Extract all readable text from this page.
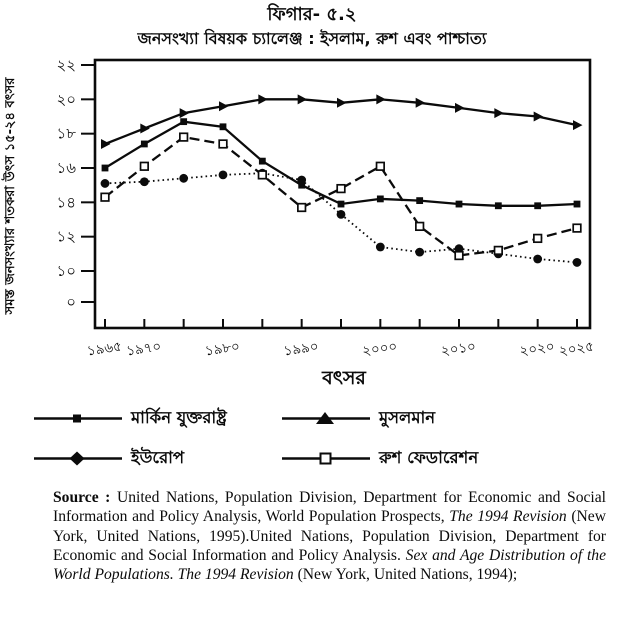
ফিগার- ৫.২
জনসংখ্যা বিষয়ক চ্যালেঞ্জ : ইসলাম, রুশ এবং পাশ্চাত্য
২২
২০
১৮
১৬
১৪
১২
১০
০
১৯৬৫ ১৯৭০	১৯৮০	১৯৯০	২০০০	২০১০	২০২০ ২০২৫
সমস্ত জনসংখ্যার শতকরা উৎস ১৫-২৪ বৎসর
বৎসর
মার্কিন যুক্তরাষ্ট্র	মুসলমান
ইউরোপ	রুশ ফেডারেশন

Source : United Nations, Population Division, Department for Economic and Social Information and Policy Analysis, World Population Prospects, The 1994 Revision (New York, United Nations, 1995).United Nations, Population Division, Department for Economic and Social Information and Policy Analysis. Sex and Age Distribution of the World Populations. The 1994 Revision (New York, United Nations, 1994);
